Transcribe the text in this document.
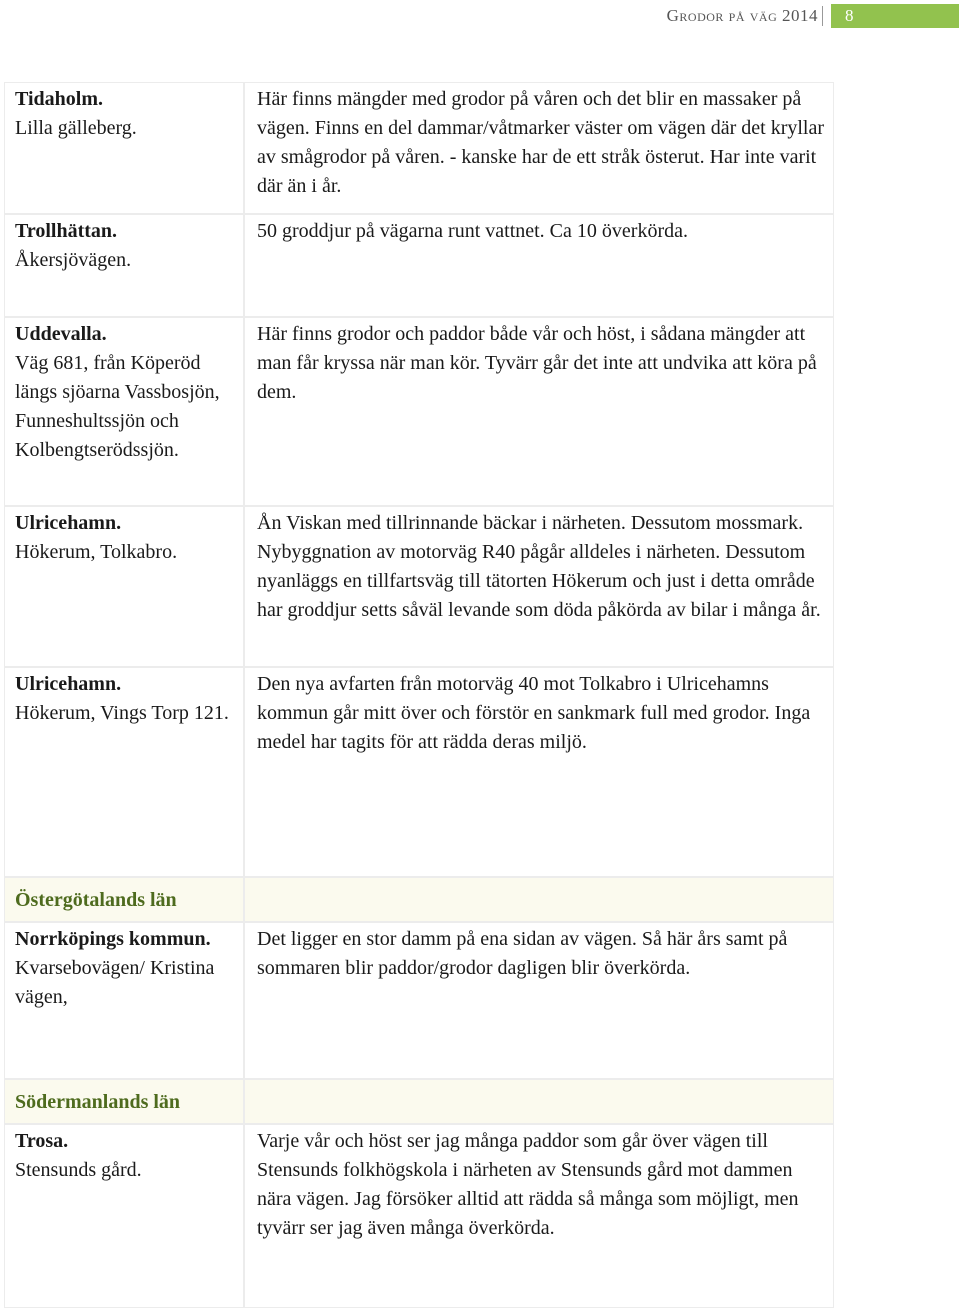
Grodor på väg 2014 8
Tidaholm.
Lilla gälleberg.	Här finns mängder med grodor på våren och det blir en massaker på vägen. Finns en del dammar/våtmarker väster om vägen där det kryllar av smågrodor på våren. - kanske har de ett stråk österut. Har inte varit där än i år.

Trollhättan.
Åkersjövägen.	50 groddjur på vägarna runt vattnet. Ca 10 överkörda.

Uddevalla.
Väg 681, från Köperöd längs sjöarna Vassbosjön, Funneshultssjön och Kolbengtserödssjön.	Här finns grodor och paddor både vår och höst, i sådana mängder att man får kryssa när man kör. Tyvärr går det inte att undvika att köra på dem.

Ulricehamn.
Hökerum, Tolkabro.	Ån Viskan med tillrinnande bäckar i närheten. Dessutom mossmark. Nybyggnation av motorväg R40 pågår alldeles i närheten. Dessutom nyanläggs en tillfartsväg till tätorten Hökerum och just i detta område har groddjur setts såväl levande som döda påkörda av bilar i många år.

Ulricehamn.
Hökerum, Vings Torp 121.	Den nya avfarten från motorväg 40 mot Tolkabro i Ulricehamns kommun går mitt över och förstör en sankmark full med grodor. Inga medel har tagits för att rädda deras miljö.

Östergötalands län	

Norrköpings kommun.
Kvarsebovägen/ Kristina vägen,	Det ligger en stor damm på ena sidan av vägen. Så här års samt på sommaren blir paddor/grodor dagligen blir överkörda.

Södermanlands län	

Trosa.
Stensunds gård.	Varje vår och höst ser jag många paddor som går över vägen till Stensunds folkhögskola i närheten av Stensunds gård mot dammen nära vägen. Jag försöker alltid att rädda så många som möjligt, men tyvärr ser jag även många överkörda.
